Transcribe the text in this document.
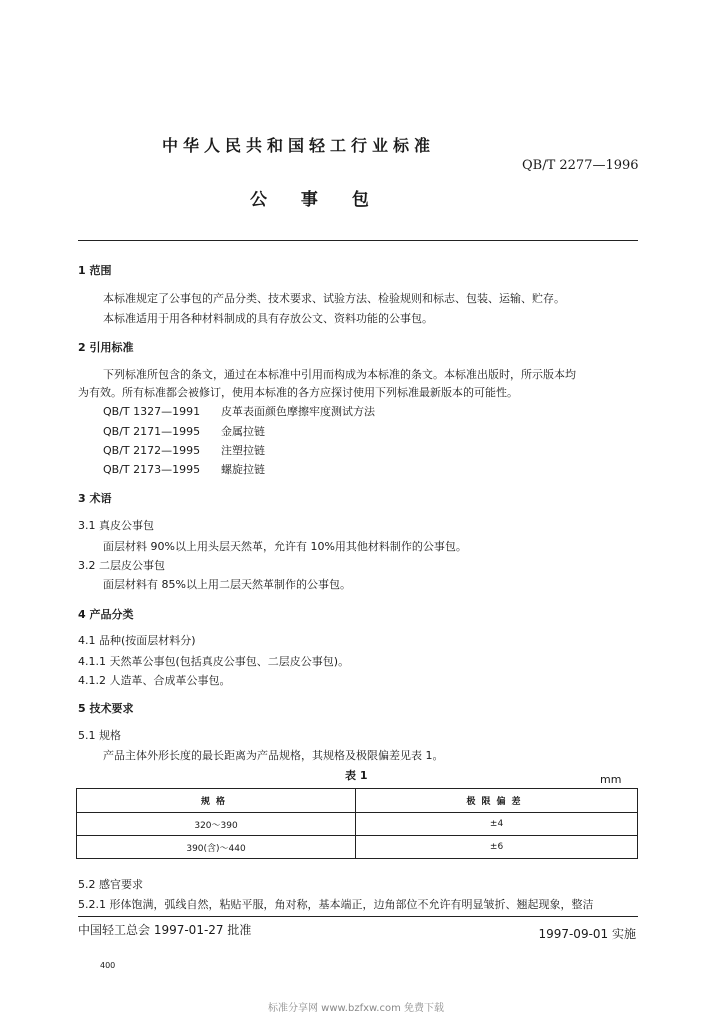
中华人民共和国轻工行业标准
QB/T 2277—1996
公 事 包
1 范围
本标准规定了公事包的产品分类、技术要求、试验方法、检验规则和标志、包装、运输、贮存。
本标准适用于用各种材料制成的具有存放公文、资料功能的公事包。
2 引用标准
下列标准所包含的条文，通过在本标准中引用而构成为本标准的条文。本标准出版时，所示版本均
为有效。所有标准都会被修订，使用本标准的各方应探讨使用下列标准最新版本的可能性。
QB/T 1327—1991 皮革表面颜色摩擦牢度测试方法
QB/T 2171—1995 金属拉链
QB/T 2172—1995 注塑拉链
QB/T 2173—1995 螺旋拉链
3 术语
3.1 真皮公事包
面层材料 90%以上用头层天然革，允许有 10%用其他材料制作的公事包。
3.2 二层皮公事包
面层材料有 85%以上用二层天然革制作的公事包。
4 产品分类
4.1 品种(按面层材料分)
4.1.1 天然革公事包(包括真皮公事包、二层皮公事包)。
4.1.2 人造革、合成革公事包。
5 技术要求
5.1 规格
产品主体外形长度的最长距离为产品规格，其规格及极限偏差见表 1。
表 1	mm
规格	极限偏差
320～390	±4
390(含)～440	±6
5.2 感官要求
5.2.1 形体饱满，弧线自然，粘贴平服，角对称，基本端正，边角部位不允许有明显皱折、翘起现象，整洁
中国轻工总会 1997-01-27 批准	1997-09-01 实施
400
标准分享网 www.bzfxw.com 免费下载
